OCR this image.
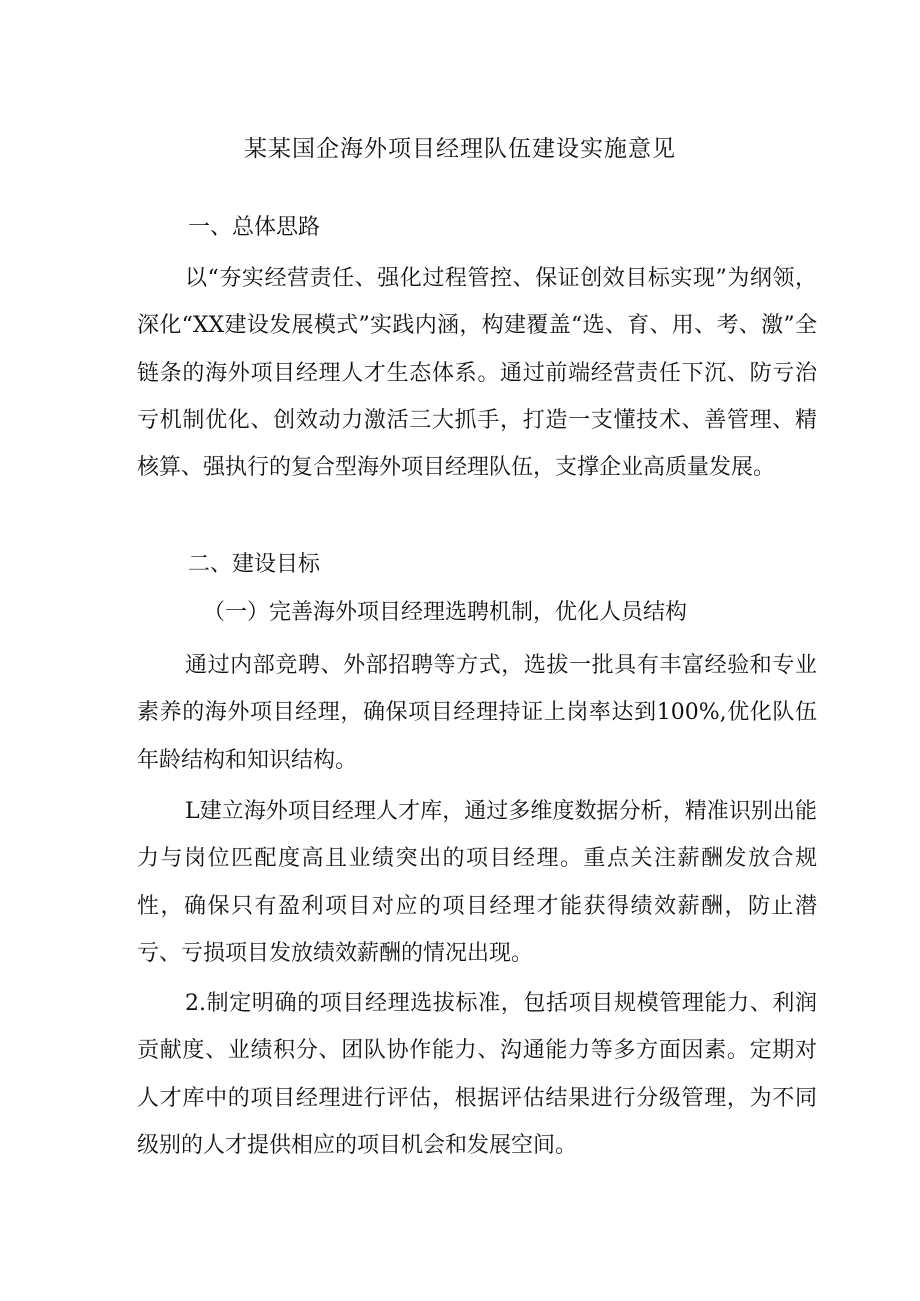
某某国企海外项目经理队伍建设实施意见
一、总体思路

以“夯实经营责任、强化过程管控、保证创效目标实现”为纲领，深化“XX建设发展模式”实践内涵，构建覆盖“选、育、用、考、激”全链条的海外项目经理人才生态体系。通过前端经营责任下沉、防亏治亏机制优化、创效动力激活三大抓手，打造一支懂技术、善管理、精核算、强执行的复合型海外项目经理队伍，支撑企业高质量发展。

二、建设目标
（一）完善海外项目经理选聘机制，优化人员结构

通过内部竞聘、外部招聘等方式，选拔一批具有丰富经验和专业素养的海外项目经理，确保项目经理持证上岗率达到100%,优化队伍年龄结构和知识结构。

L建立海外项目经理人才库，通过多维度数据分析，精准识别出能力与岗位匹配度高且业绩突出的项目经理。重点关注薪酬发放合规性，确保只有盈利项目对应的项目经理才能获得绩效薪酬，防止潜亏、亏损项目发放绩效薪酬的情况出现。

2.制定明确的项目经理选拔标准，包括项目规模管理能力、利润贡献度、业绩积分、团队协作能力、沟通能力等多方面因素。定期对人才库中的项目经理进行评估，根据评估结果进行分级管理，为不同级别的人才提供相应的项目机会和发展空间。
